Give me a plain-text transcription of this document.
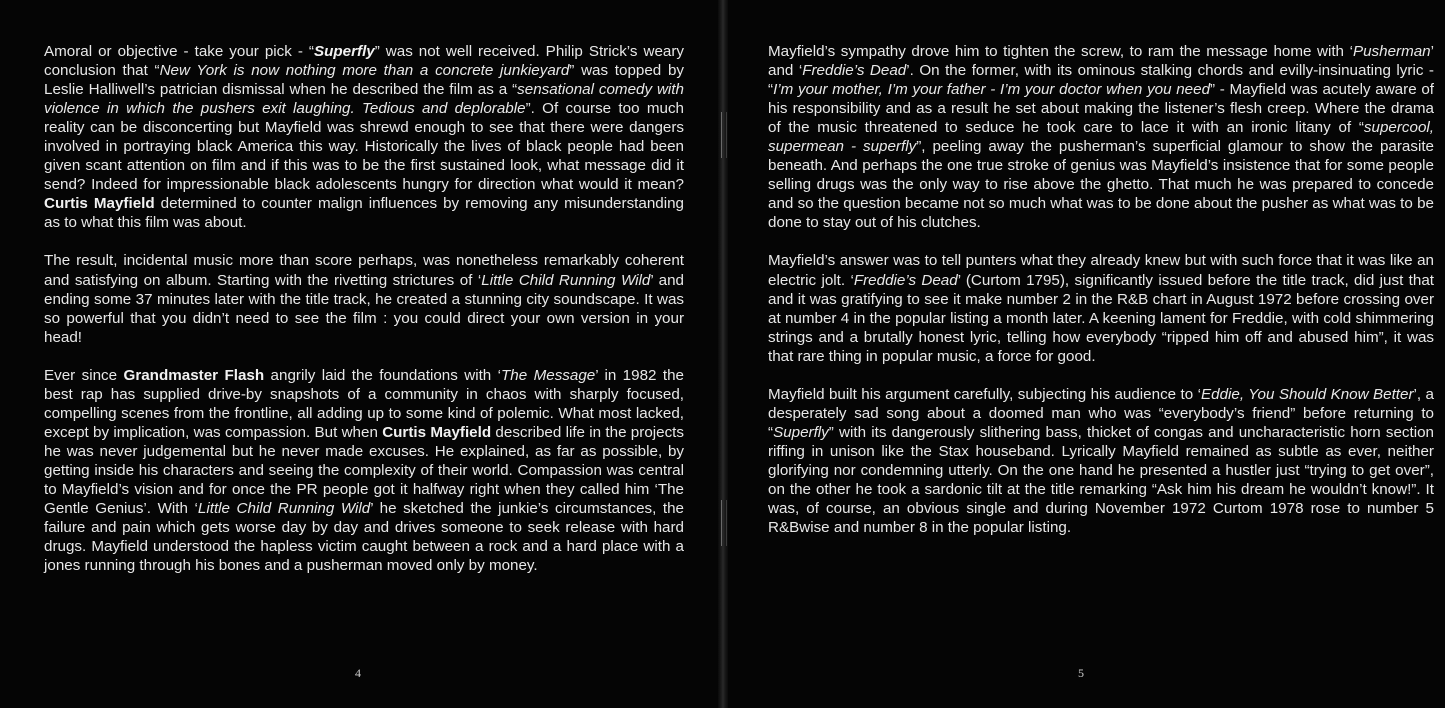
Amoral or objective - take your pick - “Superfly” was not well received. Philip Strick’s weary conclusion that “New York is now nothing more than a concrete junkieyard” was topped by Leslie Halliwell’s patrician dismissal when he described the film as a “sensational comedy with violence in which the pushers exit laughing. Tedious and deplorable”. Of course too much reality can be disconcerting but Mayfield was shrewd enough to see that there were dangers involved in portraying black America this way. Historically the lives of black people had been given scant attention on film and if this was to be the first sustained look, what message did it send? Indeed for impressionable black adolescents hungry for direction what would it mean? Curtis Mayfield determined to counter malign influences by removing any misunderstanding as to what this film was about.

The result, incidental music more than score perhaps, was nonetheless remarkably coherent and satisfying on album. Starting with the rivetting strictures of ‘Little Child Running Wild’ and ending some 37 minutes later with the title track, he created a stunning city soundscape. It was so powerful that you didn’t need to see the film : you could direct your own version in your head!

Ever since Grandmaster Flash angrily laid the foundations with ‘The Message’ in 1982 the best rap has supplied drive-by snapshots of a community in chaos with sharply focused, compelling scenes from the frontline, all adding up to some kind of polemic. What most lacked, except by implication, was compassion. But when Curtis Mayfield described life in the projects he was never judgemental but he never made excuses. He explained, as far as possible, by getting inside his characters and seeing the complexity of their world. Compassion was central to Mayfield’s vision and for once the PR people got it halfway right when they called him ‘The Gentle Genius’. With ‘Little Child Running Wild’ he sketched the junkie’s circumstances, the failure and pain which gets worse day by day and drives someone to seek release with hard drugs. Mayfield understood the hapless victim caught between a rock and a hard place with a jones running through his bones and a pusherman moved only by money.

4

Mayfield’s sympathy drove him to tighten the screw, to ram the message home with ‘Pusherman’ and ‘Freddie’s Dead’. On the former, with its ominous stalking chords and evilly-insinuating lyric - “I’m your mother, I’m your father - I’m your doctor when you need” - Mayfield was acutely aware of his responsibility and as a result he set about making the listener’s flesh creep. Where the drama of the music threatened to seduce he took care to lace it with an ironic litany of “supercool, supermean - superfly”, peeling away the pusherman’s superficial glamour to show the parasite beneath. And perhaps the one true stroke of genius was Mayfield’s insistence that for some people selling drugs was the only way to rise above the ghetto. That much he was prepared to concede and so the question became not so much what was to be done about the pusher as what was to be done to stay out of his clutches.

Mayfield’s answer was to tell punters what they already knew but with such force that it was like an electric jolt. ‘Freddie’s Dead’ (Curtom 1795), significantly issued before the title track, did just that and it was gratifying to see it make number 2 in the R&B chart in August 1972 before crossing over at number 4 in the popular listing a month later. A keening lament for Freddie, with cold shimmering strings and a brutally honest lyric, telling how everybody “ripped him off and abused him”, it was that rare thing in popular music, a force for good.

Mayfield built his argument carefully, subjecting his audience to ‘Eddie, You Should Know Better’, a desperately sad song about a doomed man who was “everybody’s friend” before returning to “Superfly” with its dangerously slithering bass, thicket of congas and uncharacteristic horn section riffing in unison like the Stax houseband. Lyrically Mayfield remained as subtle as ever, neither glorifying nor condemning utterly. On the one hand he presented a hustler just “trying to get over”, on the other he took a sardonic tilt at the title remarking “Ask him his dream he wouldn’t know!”. It was, of course, an obvious single and during November 1972 Curtom 1978 rose to number 5 R&Bwise and number 8 in the popular listing.

5
